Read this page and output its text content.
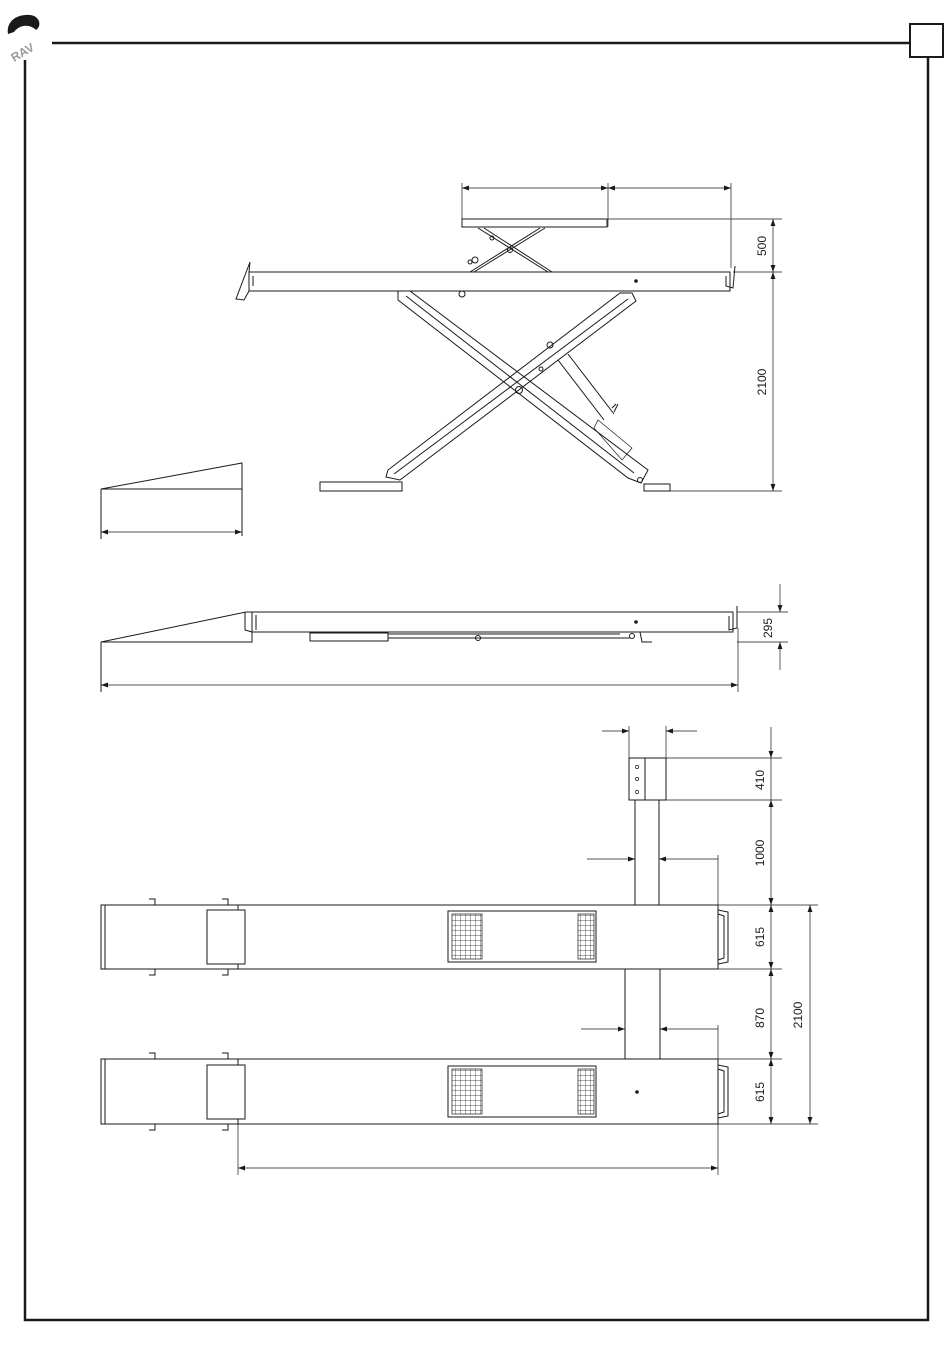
RAV
500
2100
295
410
1000
615
870
615
2100
